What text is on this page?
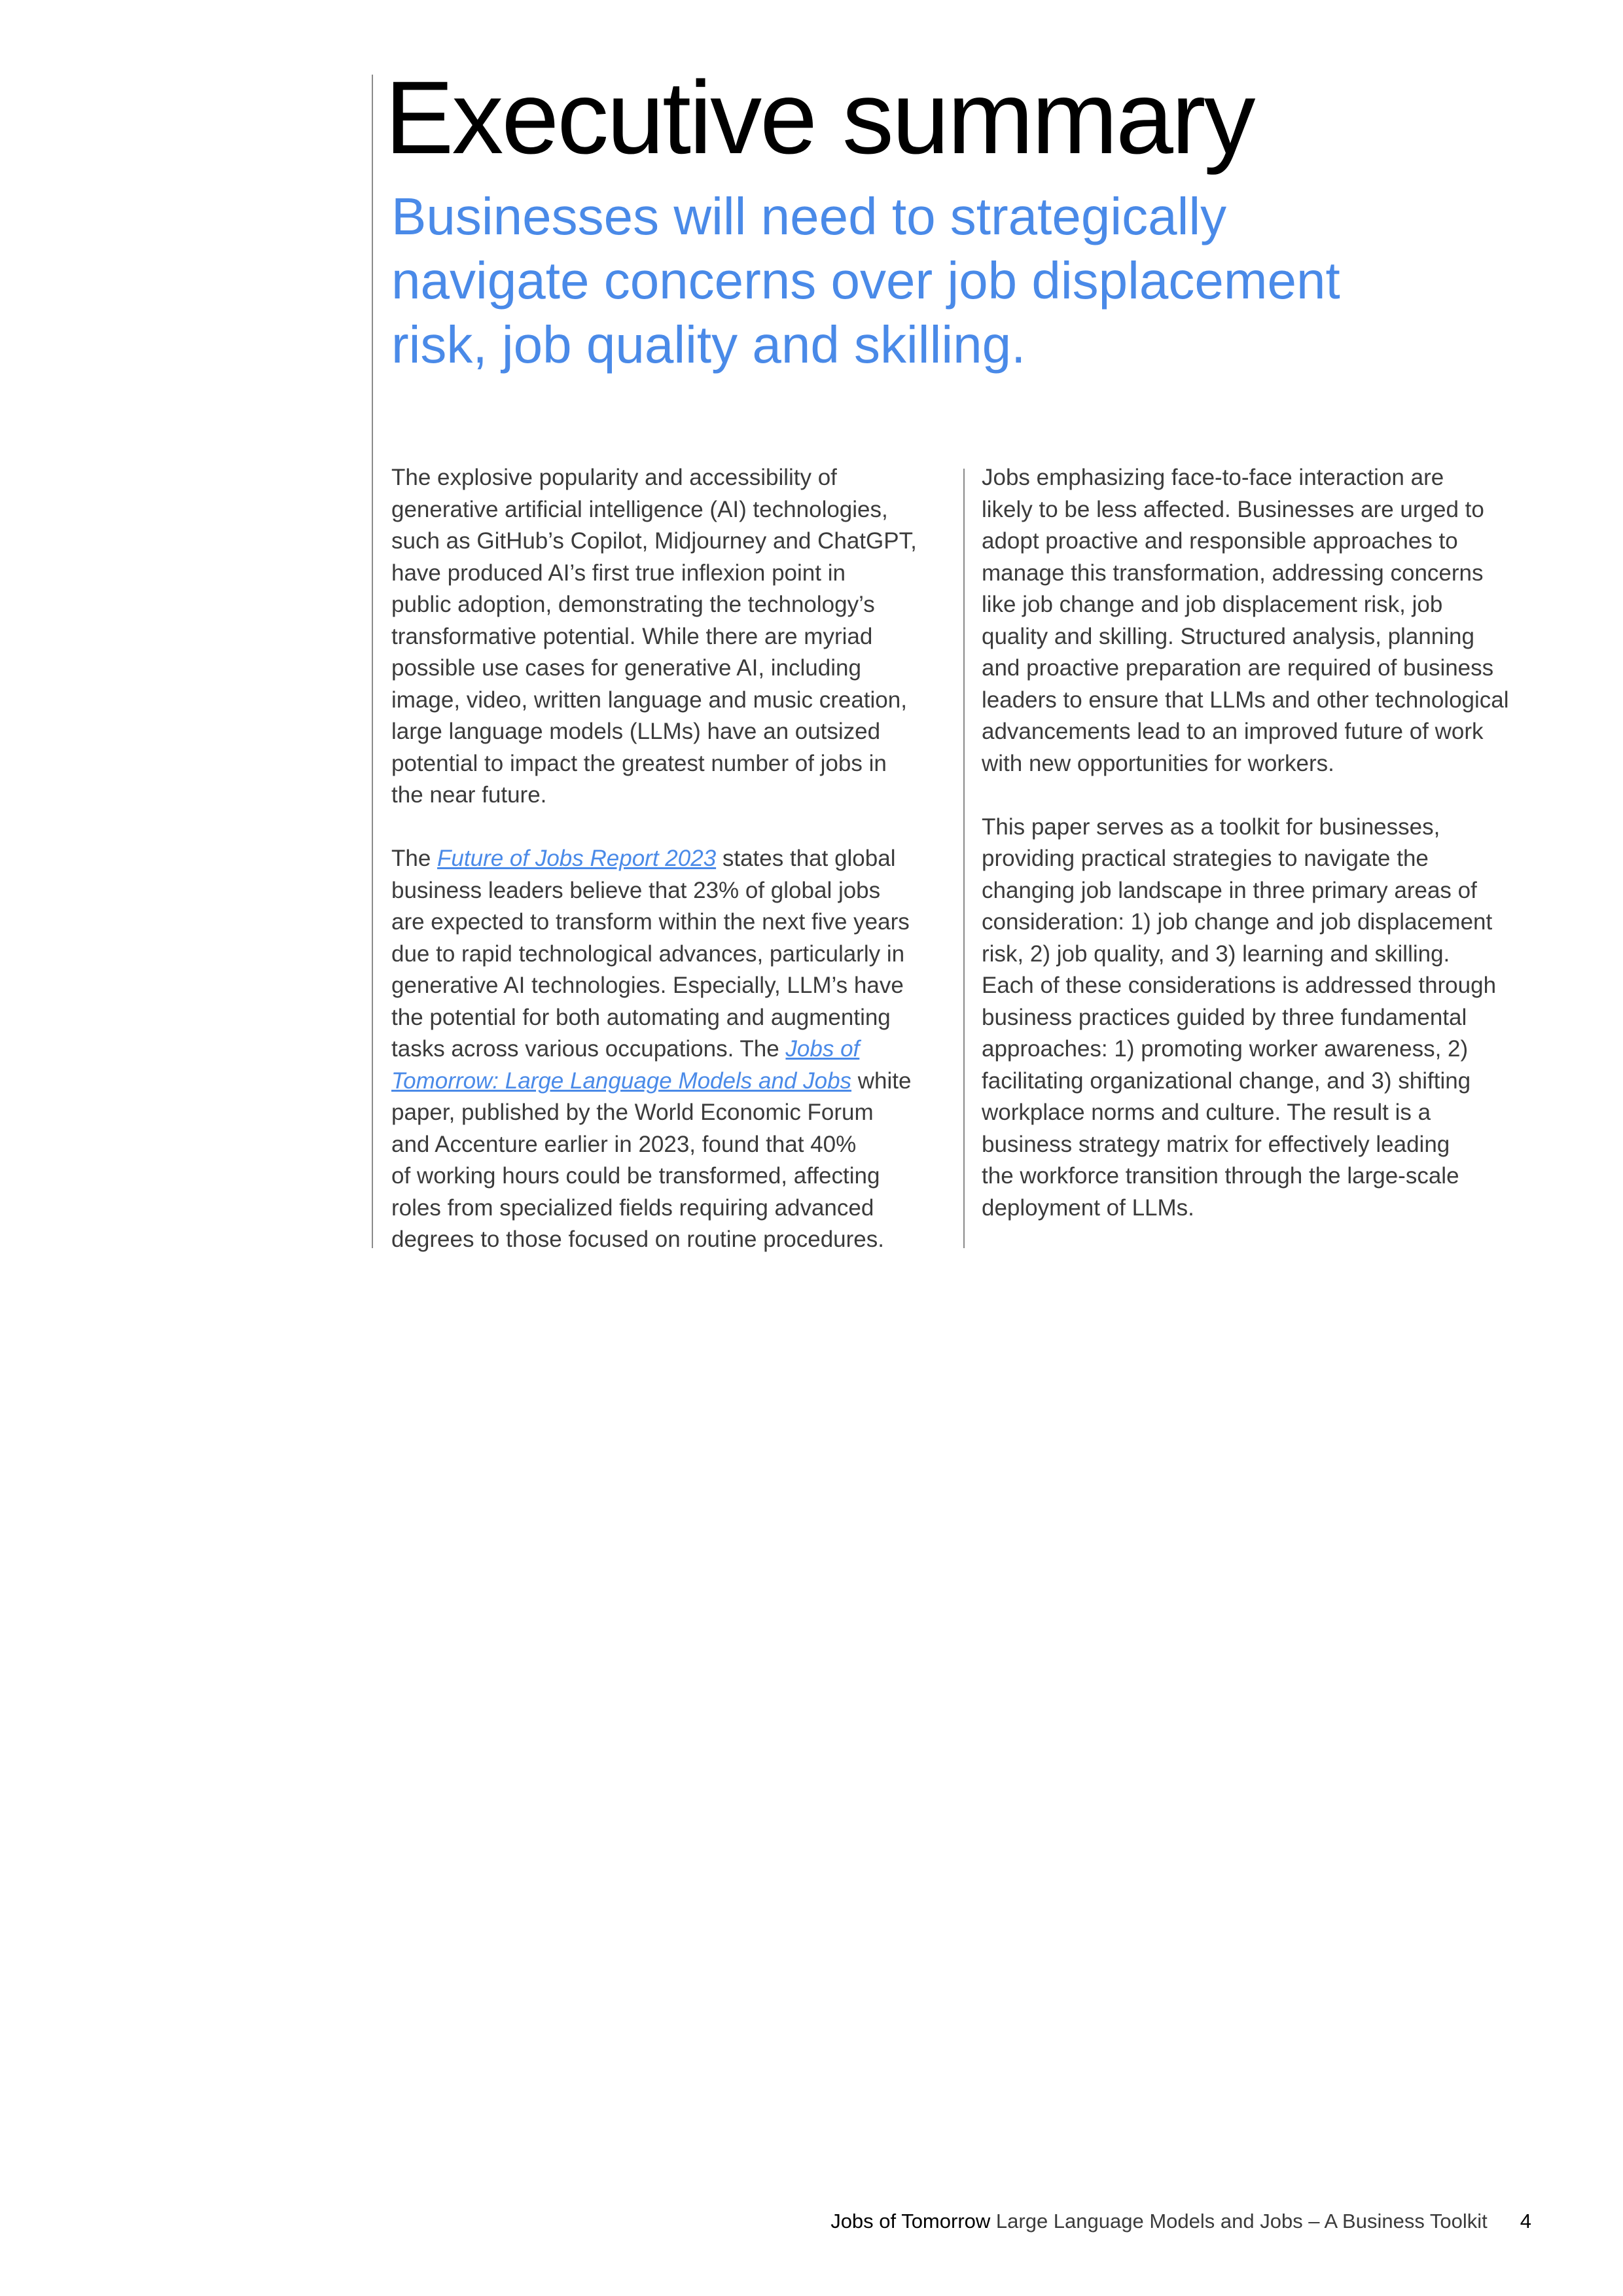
Executive summary
Businesses will need to strategically
navigate concerns over job displacement
risk, job quality and skilling.

The explosive popularity and accessibility of
generative artificial intelligence (AI) technologies,
such as GitHub’s Copilot, Midjourney and ChatGPT,
have produced AI’s first true inflexion point in
public adoption, demonstrating the technology’s
transformative potential. While there are myriad
possible use cases for generative AI, including
image, video, written language and music creation,
large language models (LLMs) have an outsized
potential to impact the greatest number of jobs in
the near future.

The Future of Jobs Report 2023 states that global
business leaders believe that 23% of global jobs
are expected to transform within the next five years
due to rapid technological advances, particularly in
generative AI technologies. Especially, LLM’s have
the potential for both automating and augmenting
tasks across various occupations. The Jobs of
Tomorrow: Large Language Models and Jobs white
paper, published by the World Economic Forum
and Accenture earlier in 2023, found that 40%
of working hours could be transformed, affecting
roles from specialized fields requiring advanced
degrees to those focused on routine procedures.

Jobs emphasizing face-to-face interaction are
likely to be less affected. Businesses are urged to
adopt proactive and responsible approaches to
manage this transformation, addressing concerns
like job change and job displacement risk, job
quality and skilling. Structured analysis, planning
and proactive preparation are required of business
leaders to ensure that LLMs and other technological
advancements lead to an improved future of work
with new opportunities for workers.

This paper serves as a toolkit for businesses,
providing practical strategies to navigate the
changing job landscape in three primary areas of
consideration: 1) job change and job displacement
risk, 2) job quality, and 3) learning and skilling.
Each of these considerations is addressed through
business practices guided by three fundamental
approaches: 1) promoting worker awareness, 2)
facilitating organizational change, and 3) shifting
workplace norms and culture. The result is a
business strategy matrix for effectively leading
the workforce transition through the large-scale
deployment of LLMs.

Jobs of Tomorrow Large Language Models and Jobs – A Business Toolkit 4
